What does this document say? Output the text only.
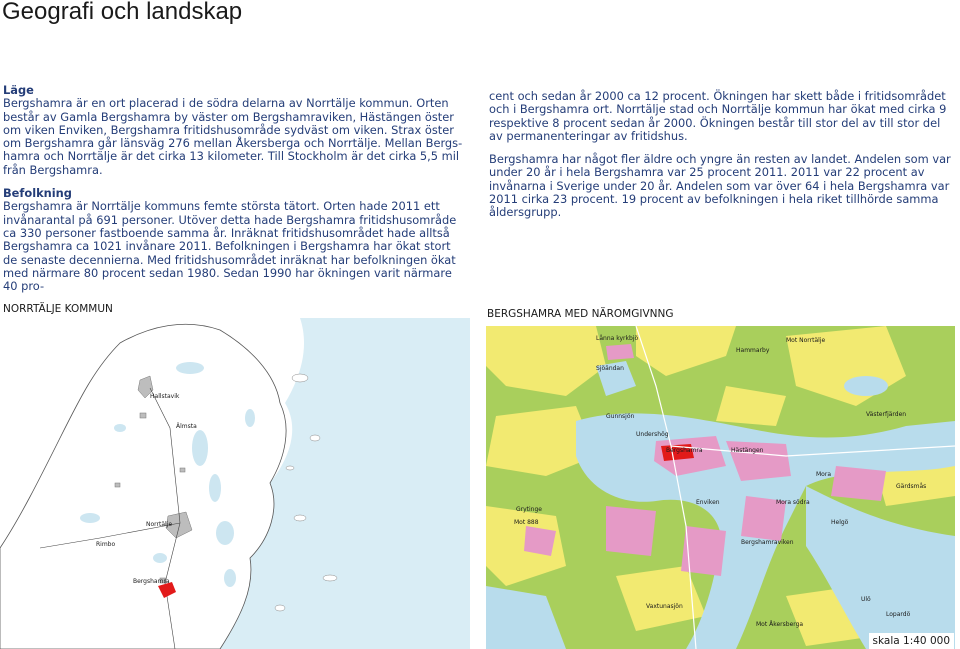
Geografi och landskap

Läge
Bergshamra är en ort placerad i de södra delarna av Norrtälje kommun. Orten består av Gamla Bergshamra by väster om Bergshamraviken, Hästängen öster om viken Enviken, Bergshamra fritidshusområde sydväst om viken. Strax öster om Bergshamra går länsväg 276 mellan Åkersberga och Norrtälje. Mellan Bergs-hamra och Norrtälje är det cirka 13 kilometer. Till Stockholm är det cirka 5,5 mil från Bergshamra.

Befolkning
Bergshamra är Norrtälje kommuns femte största tätort. Orten hade 2011 ett invånarantal på 691 personer. Utöver detta hade Bergshamra fritidshusområde ca 330 personer fastboende samma år. Inräknat fritidshusområdet hade alltså Bergshamra ca 1021 invånare 2011. Befolkningen i Bergshamra har ökat stort de senaste decennierna. Med fritidshusområdet inräknat har befolkningen ökat med närmare 80 procent sedan 1980. Sedan 1990 har ökningen varit närmare 40 pro-

cent och sedan år 2000 ca 12 procent. Ökningen har skett både i fritidsområdet och i Bergshamra ort. Norrtälje stad och Norrtälje kommun har ökat med cirka 9 respektive 8 procent sedan år 2000. Ökningen består till stor del av till stor del av permanenteringar av fritidshus.

Bergshamra har något fler äldre och yngre än resten av landet. Andelen som var under 20 år i hela Bergshamra var 25 procent 2011. 2011 var 22 procent av invånarna i Sverige under 20 år. Andelen som var över 64 i hela Bergshamra var 2011 cirka 23 procent. 19 procent av befolkningen i hela riket tillhörde samma åldersgrupp.

NORRTÄLJE KOMMUN	BERGSHAMRA MED NÄROMGIVNNG
Hallstavik
Älmsta
Norrtälje
Rimbo
Bergshamra
Lånna kyrkbjö	Mot Norrtälje
Hammarby
Sjöändan
Gunnsjön	Västerfjärden
Undershög
Bergshamra	Hästängen
Mora
Gärdsmås
Grytinge
Mot 888
Enviken	Mora södra
Helgö
Bergshamraviken
Vaxtunasjön
Ulö
Lopardö
Mot Åkersberga
skala 1:40 000
